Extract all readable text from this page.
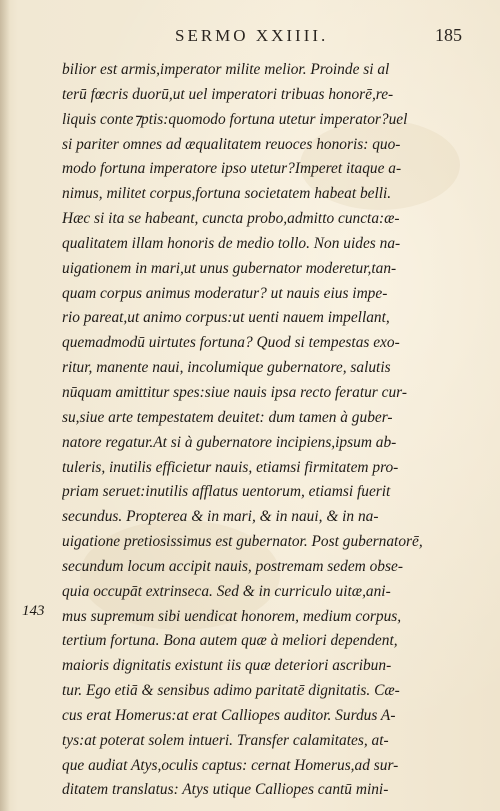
SERMO XXIIII.	185
143
bilior est armis,imperator milite melior. Proinde si al
terū fœcris duorū,ut uel imperatori tribuas honorē,re-
liquis conte⁊ptis:quomodo fortuna utetur imperator?uel
si pariter omnes ad æqualitatem reuoces honoris: quo-
modo fortuna imperatore ipso utetur?Imperet itaque a-
nimus, militet corpus,fortuna societatem habeat belli.
Hæc si ita se habeant, cuncta probo,admitto cuncta:æ-
qualitatem illam honoris de medio tollo. Non uides na-
uigationem in mari,ut unus gubernator moderetur,tan-
quam corpus animus moderatur? ut nauis eius impe-
rio pareat,ut animo corpus:ut uenti nauem impellant,
quemadmodū uirtutes fortuna? Quod si tempestas exo-
ritur, manente naui, incolumique gubernatore, salutis
nūquam amittitur spes:siue nauis ipsa recto feratur cur-
su,siue arte tempestatem deuitet: dum tamen à guber-
natore regatur.At si à gubernatore incipiens,ipsum ab-
tuleris, inutilis efficietur nauis, etiamsi firmitatem pro-
priam seruet:inutilis afflatus uentorum, etiamsi fuerit
secundus. Propterea & in mari, & in naui, & in na-
uigatione pretiosissimus est gubernator. Post gubernatorē,
secundum locum accipit nauis, postremam sedem obse-
quia occupāt extrinseca. Sed & in curriculo uitæ,ani-
mus supremum sibi uendicat honorem, medium corpus,
tertium fortuna. Bona autem quæ à meliori dependent,
maioris dignitatis existunt iis quæ deteriori ascribun-
tur. Ego etiā & sensibus adimo paritatē dignitatis. Cæ-
cus erat Homerus:at erat Calliopes auditor. Surdus A-
tys:at poterat solem intueri. Transfer calamitates, at-
que audiat Atys,oculis captus: cernat Homerus,ad sur-
ditatem translatus: Atys utique Calliopes cantū mini-
